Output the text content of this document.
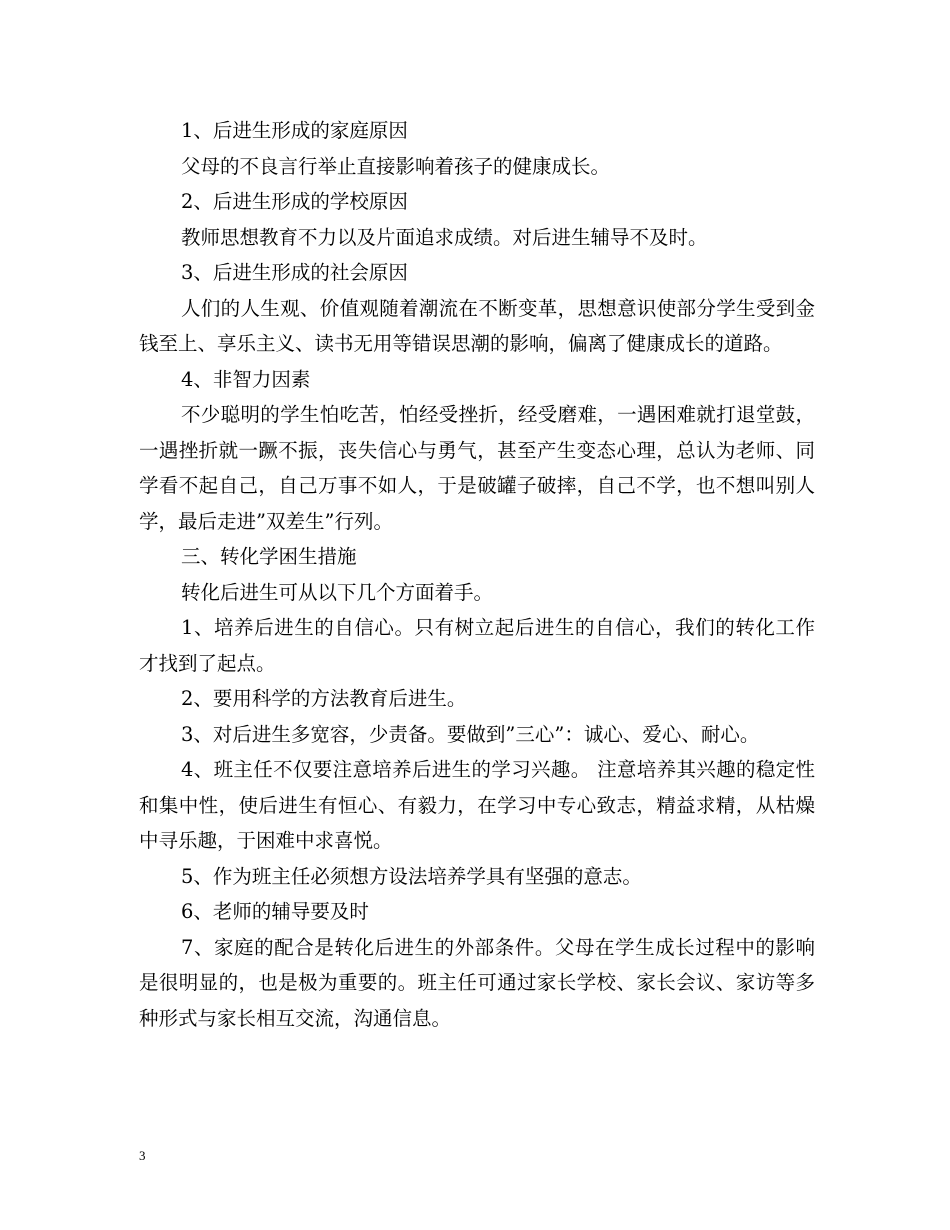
1、后进生形成的家庭原因

父母的不良言行举止直接影响着孩子的健康成长。

2、后进生形成的学校原因

教师思想教育不力以及片面追求成绩。对后进生辅导不及时。

3、后进生形成的社会原因

人们的人生观、价值观随着潮流在不断变革，思想意识使部分学生受到金钱至上、享乐主义、读书无用等错误思潮的影响，偏离了健康成长的道路。

4、非智力因素

不少聪明的学生怕吃苦，怕经受挫折，经受磨难，一遇困难就打退堂鼓，一遇挫折就一蹶不振，丧失信心与勇气，甚至产生变态心理，总认为老师、同学看不起自己，自己万事不如人，于是破罐子破摔，自己不学，也不想叫别人学，最后走进”双差生”行列。

三、转化学困生措施

转化后进生可从以下几个方面着手。

1、培养后进生的自信心。只有树立起后进生的自信心，我们的转化工作才找到了起点。

2、要用科学的方法教育后进生。

3、对后进生多宽容，少责备。要做到”三心”：诚心、爱心、耐心。

4、班主任不仅要注意培养后进生的学习兴趣。 注意培养其兴趣的稳定性和集中性，使后进生有恒心、有毅力，在学习中专心致志，精益求精，从枯燥中寻乐趣，于困难中求喜悦。

5、作为班主任必须想方设法培养学具有坚强的意志。

6、老师的辅导要及时

7、家庭的配合是转化后进生的外部条件。父母在学生成长过程中的影响是很明显的，也是极为重要的。班主任可通过家长学校、家长会议、家访等多种形式与家长相互交流，沟通信息。

3
